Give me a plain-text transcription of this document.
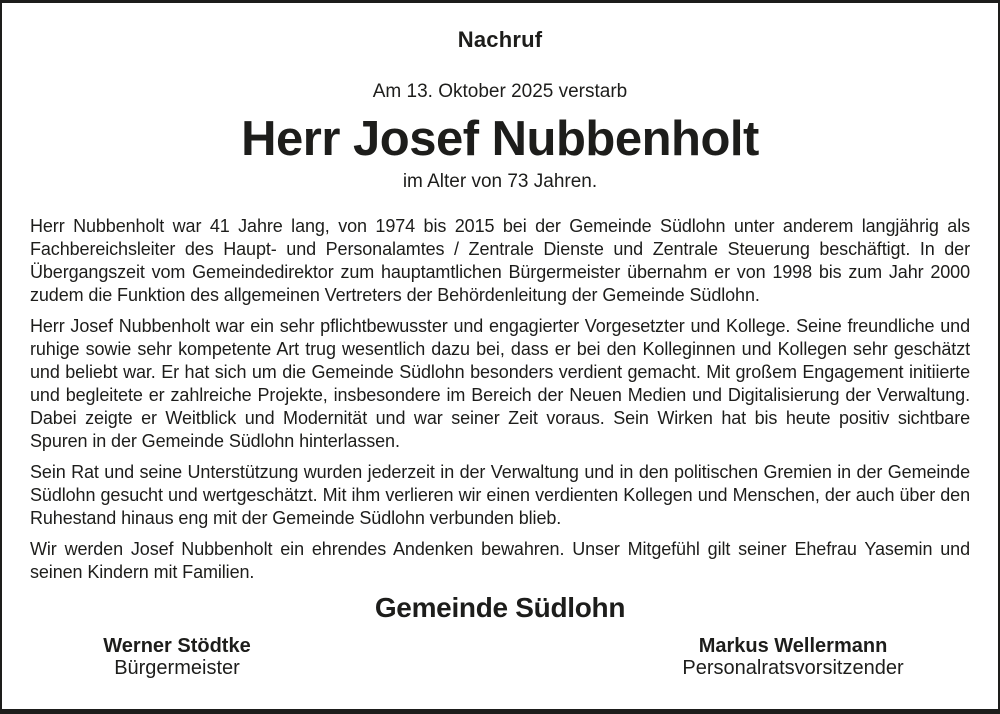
Nachruf
Am 13. Oktober 2025 verstarb
Herr Josef Nubbenholt
im Alter von 73 Jahren.

Herr Nubbenholt war 41 Jahre lang, von 1974 bis 2015 bei der Gemeinde Südlohn unter anderem langjährig als Fachbereichsleiter des Haupt- und Personalamtes / Zentrale Dienste und Zentrale Steuerung beschäftigt. In der Übergangszeit vom Gemeindedirektor zum hauptamtlichen Bürgermeister übernahm er von 1998 bis zum Jahr 2000 zudem die Funktion des allgemeinen Vertreters der Behördenleitung der Gemeinde Südlohn.

Herr Josef Nubbenholt war ein sehr pflichtbewusster und engagierter Vorgesetzter und Kollege. Seine freundliche und ruhige sowie sehr kompetente Art trug wesentlich dazu bei, dass er bei den Kolleginnen und Kollegen sehr geschätzt und beliebt war. Er hat sich um die Gemeinde Südlohn besonders verdient gemacht. Mit großem Engagement initiierte und begleitete er zahlreiche Projekte, insbesondere im Bereich der Neuen Medien und Digitalisierung der Verwaltung. Dabei zeigte er Weitblick und Modernität und war seiner Zeit voraus. Sein Wirken hat bis heute positiv sichtbare Spuren in der Gemeinde Südlohn hinterlassen.

Sein Rat und seine Unterstützung wurden jederzeit in der Verwaltung und in den politischen Gremien in der Gemeinde Südlohn gesucht und wertgeschätzt. Mit ihm verlieren wir einen verdienten Kollegen und Menschen, der auch über den Ruhestand hinaus eng mit der Gemeinde Südlohn verbunden blieb.

Wir werden Josef Nubbenholt ein ehrendes Andenken bewahren. Unser Mitgefühl gilt seiner Ehefrau Yasemin und seinen Kindern mit Familien.

Gemeinde Südlohn
Werner Stödtke
Bürgermeister
Markus Wellermann
Personalratsvorsitzender
